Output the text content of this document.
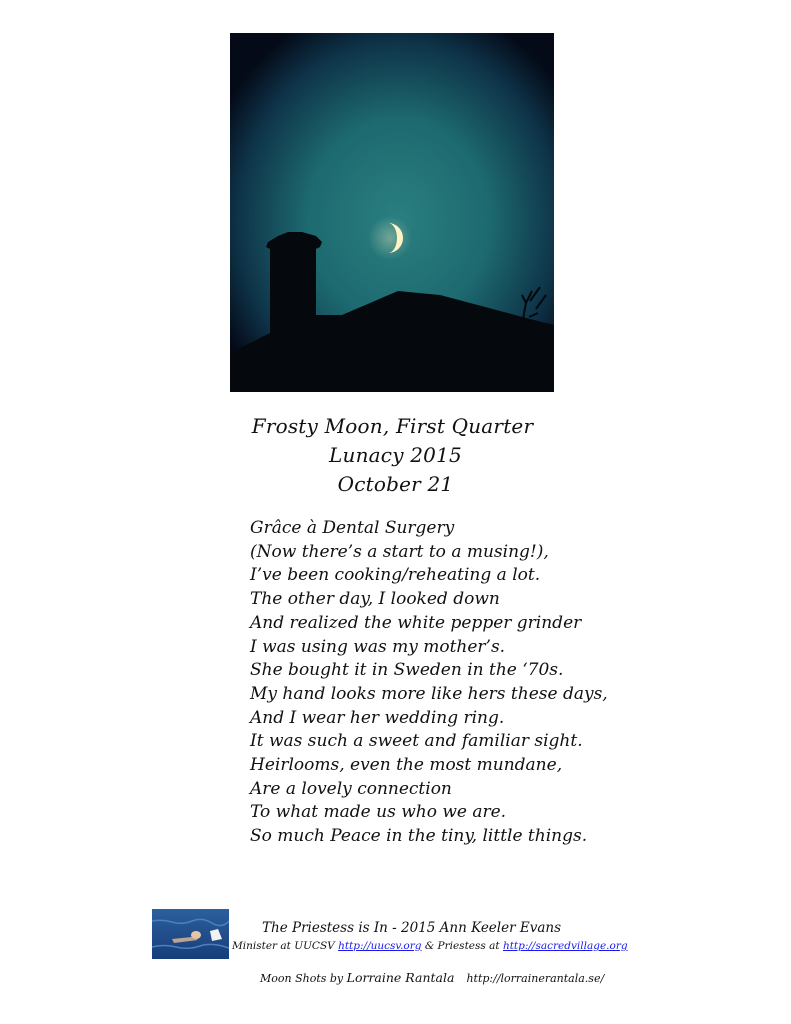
Frosty Moon, First Quarter
Lunacy 2015
October 21
Grâce à Dental Surgery
(Now there’s a start to a musing!),
I’ve been cooking/reheating a lot.
The other day, I looked down
And realized the white pepper grinder
I was using was my mother’s.
She bought it in Sweden in the ‘70s.
My hand looks more like hers these days,
And I wear her wedding ring.
It was such a sweet and familiar sight.
Heirlooms, even the most mundane,
Are a lovely connection
To what made us who we are.
So much Peace in the tiny, little things.
The Priestess is In - 2015 Ann Keeler Evans
Minister at UUCSV http://uucsv.org & Priestess at http://sacredvillage.org
Moon Shots by Lorraine Rantala http://lorrainerantala.se/
